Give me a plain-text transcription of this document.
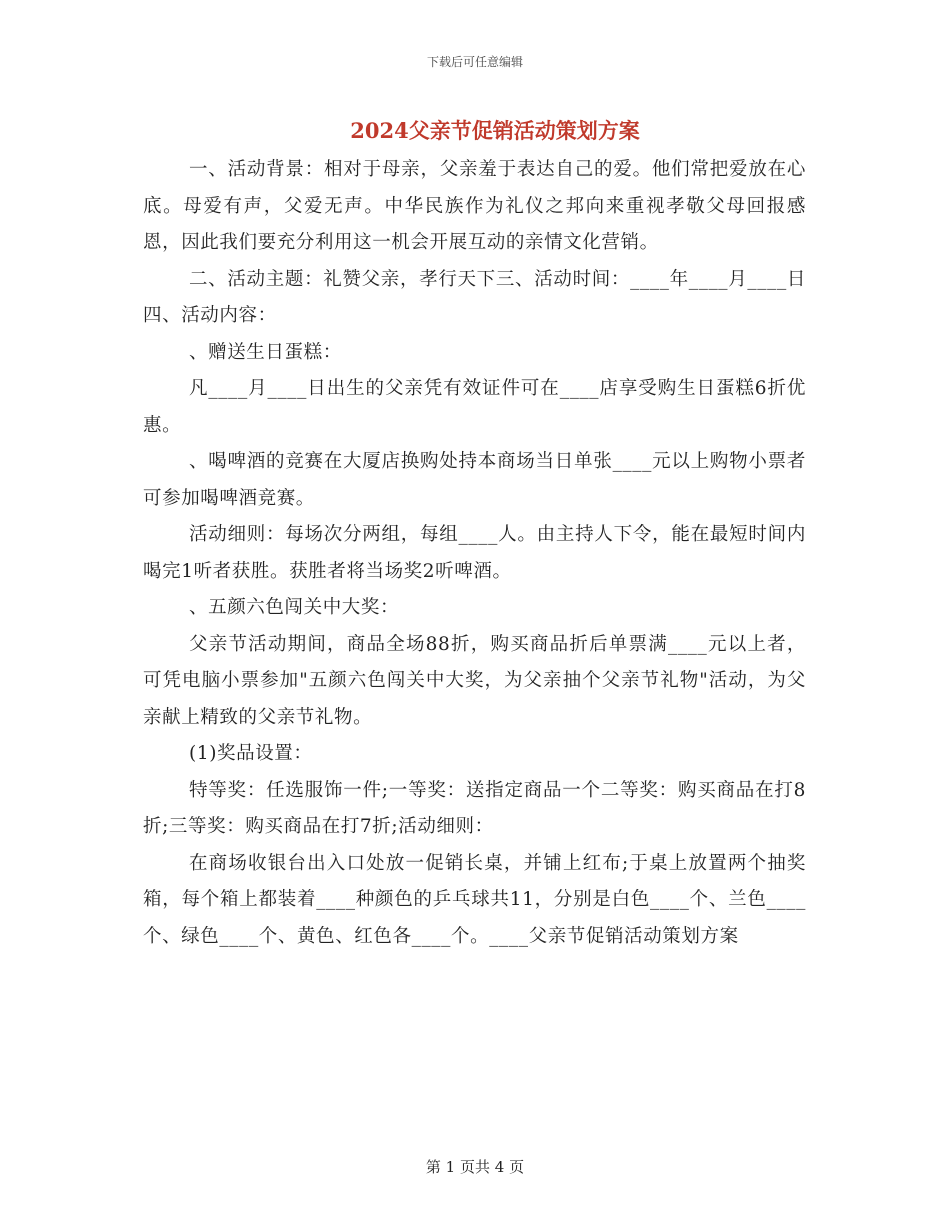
下载后可任意编辑
2024父亲节促销活动策划方案

一、活动背景：相对于母亲，父亲羞于表达自己的爱。他们常把爱放在心底。母爱有声，父爱无声。中华民族作为礼仪之邦向来重视孝敬父母回报感恩，因此我们要充分利用这一机会开展互动的亲情文化营销。

二、活动主题：礼赞父亲，孝行天下三、活动时间：____年____月____日四、活动内容：

、赠送生日蛋糕：

凡____月____日出生的父亲凭有效证件可在____店享受购生日蛋糕6折优惠。

、喝啤酒的竞赛在大厦店换购处持本商场当日单张____元以上购物小票者可参加喝啤酒竞赛。

活动细则：每场次分两组，每组____人。由主持人下令，能在最短时间内喝完1听者获胜。获胜者将当场奖2听啤酒。

、五颜六色闯关中大奖：

父亲节活动期间，商品全场88折，购买商品折后单票满____元以上者，可凭电脑小票参加"五颜六色闯关中大奖，为父亲抽个父亲节礼物"活动，为父亲献上精致的父亲节礼物。

(1)奖品设置：

特等奖：任选服饰一件;一等奖：送指定商品一个二等奖：购买商品在打8折;三等奖：购买商品在打7折;活动细则：

在商场收银台出入口处放一促销长桌，并铺上红布;于桌上放置两个抽奖箱，每个箱上都装着____种颜色的乒乓球共11，分别是白色____个、兰色____个、绿色____个、黄色、红色各____个。____父亲节促销活动策划方案

第 1 页共 4 页
